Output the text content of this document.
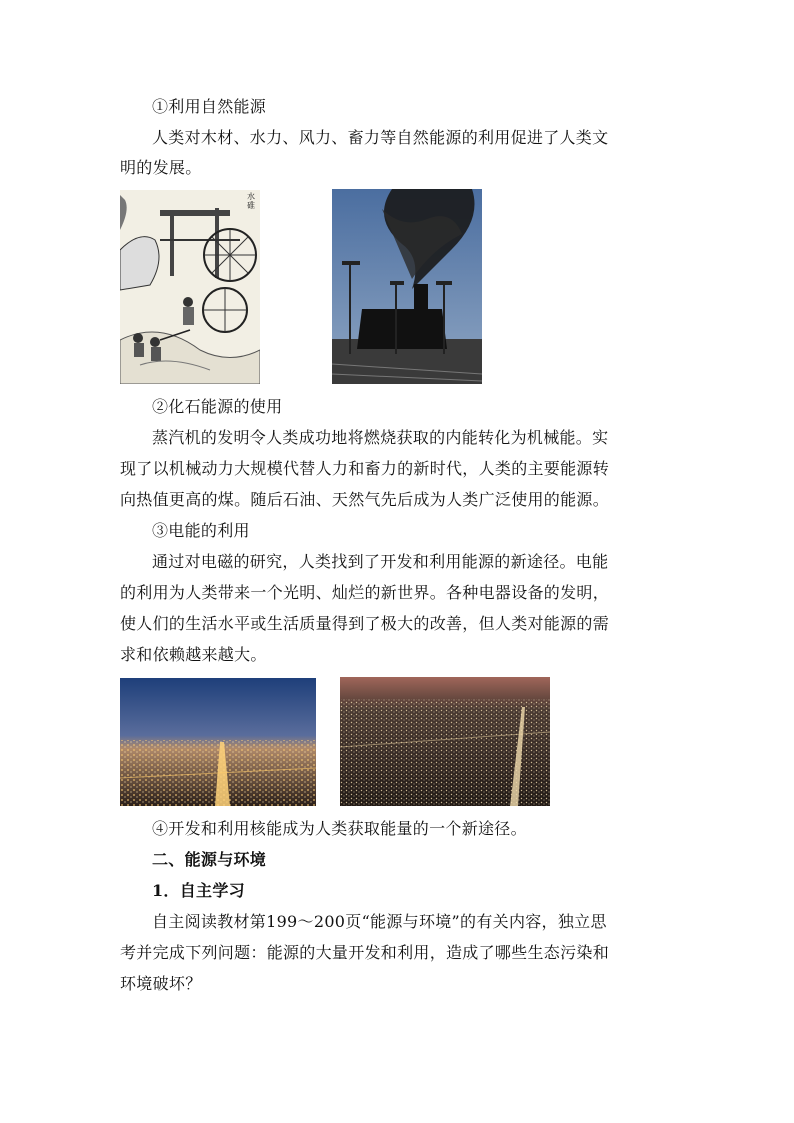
①利用自然能源
人类对木材、水力、风力、畜力等自然能源的利用促进了人类文
明的发展。
水碓
②化石能源的使用
蒸汽机的发明令人类成功地将燃烧获取的内能转化为机械能。实
现了以机械动力大规模代替人力和畜力的新时代，人类的主要能源转
向热值更高的煤。随后石油、天然气先后成为人类广泛使用的能源。
③电能的利用
通过对电磁的研究，人类找到了开发和利用能源的新途径。电能
的利用为人类带来一个光明、灿烂的新世界。各种电器设备的发明，
使人们的生活水平或生活质量得到了极大的改善，但人类对能源的需
求和依赖越来越大。
④开发和利用核能成为人类获取能量的一个新途径。
二、能源与环境
1．自主学习
自主阅读教材第199～200页“能源与环境”的有关内容，独立思
考并完成下列问题：能源的大量开发和利用，造成了哪些生态污染和
环境破坏？
